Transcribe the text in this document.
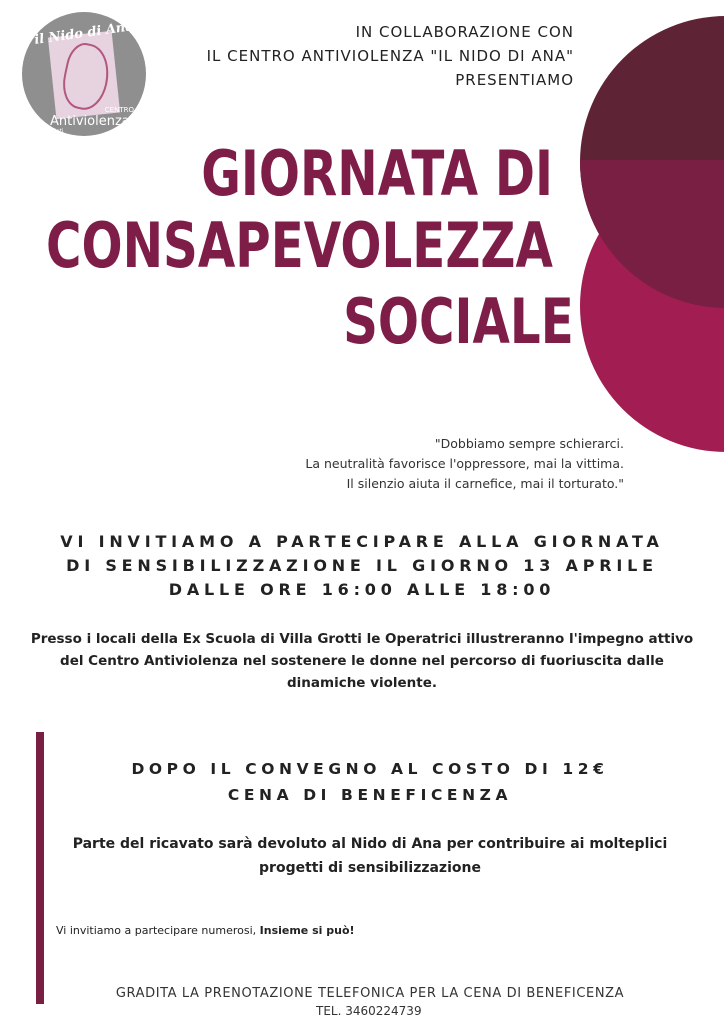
il Nido di Ana
CENTRO
Antiviolenza
Rieti
IN COLLABORAZIONE CON
IL CENTRO ANTIVIOLENZA "IL NIDO DI ANA"
PRESENTIAMO
GIORNATA DI
CONSAPEVOLEZZA
SOCIALE
"Dobbiamo sempre schierarci.
La neutralità favorisce l'oppressore, mai la vittima.
Il silenzio aiuta il carnefice, mai il torturato."
VI INVITIAMO A PARTECIPARE ALLA GIORNATA
DI SENSIBILIZZAZIONE IL GIORNO 13 APRILE
DALLE ORE 16:00 ALLE 18:00
Presso i locali della Ex Scuola di Villa Grotti le Operatrici illustreranno l'impegno attivo
del Centro Antiviolenza nel sostenere le donne nel percorso di fuoriuscita dalle
dinamiche violente.
DOPO IL CONVEGNO AL COSTO DI 12€
CENA DI BENEFICENZA
Parte del ricavato sarà devoluto al Nido di Ana per contribuire ai molteplici
progetti di sensibilizzazione
Vi invitiamo a partecipare numerosi, Insieme si può!
GRADITA LA PRENOTAZIONE TELEFONICA PER LA CENA DI BENEFICENZA
TEL. 3460224739
